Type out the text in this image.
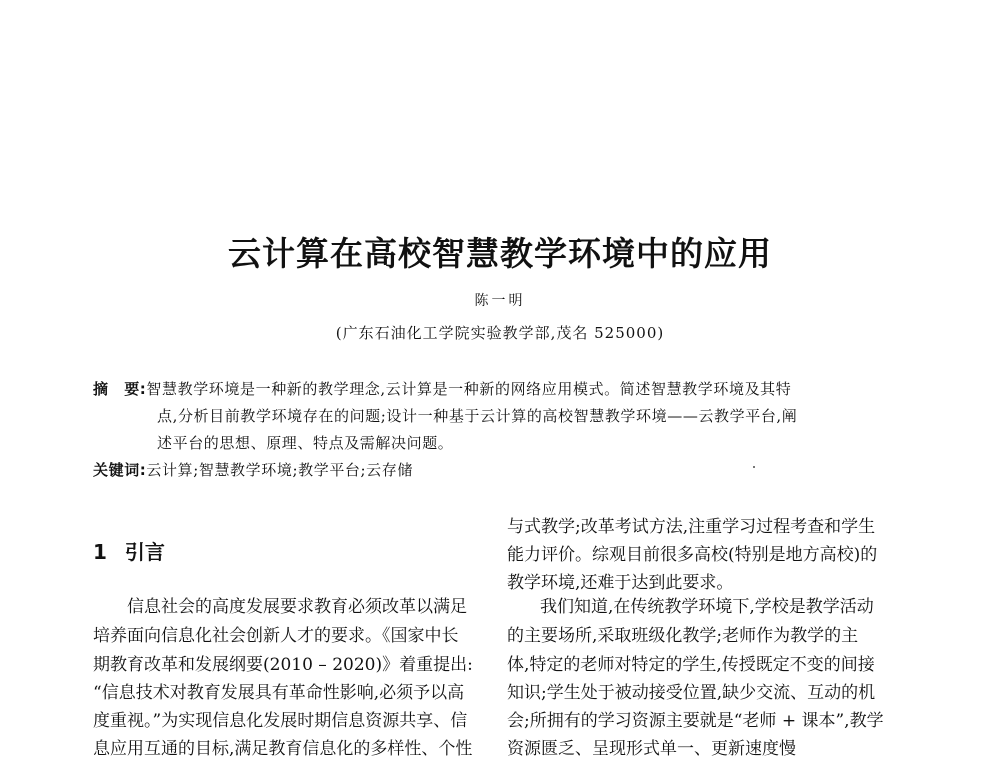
云计算在高校智慧教学环境中的应用
陈一明
(广东石油化工学院实验教学部,茂名 525000)
摘　要:智慧教学环境是一种新的教学理念,云计算是一种新的网络应用模式。简述智慧教学环境及其特
点,分析目前教学环境存在的问题;设计一种基于云计算的高校智慧教学环境——云教学平台,阐
述平台的思想、原理、特点及需解决问题。
关键词:云计算;智慧教学环境;教学平台;云存储
1 引言
信息社会的高度发展要求教育必须改革以满足
培养面向信息化社会创新人才的要求。《国家中长
期教育改革和发展纲要(2010 – 2020)》着重提出:
“信息技术对教育发展具有革命性影响,必须予以高
度重视。”为实现信息化发展时期信息资源共享、信
息应用互通的目标,满足教育信息化的多样性、个性
与式教学;改革考试方法,注重学习过程考查和学生
能力评价。综观目前很多高校(特别是地方高校)的
教学环境,还难于达到此要求。
我们知道,在传统教学环境下,学校是教学活动
的主要场所,采取班级化教学;老师作为教学的主
体,特定的老师对特定的学生,传授既定不变的间接
知识;学生处于被动接受位置,缺少交流、互动的机
会;所拥有的学习资源主要就是“老师 + 课本”,教学
资源匮乏、呈现形式单一、更新速度慢
